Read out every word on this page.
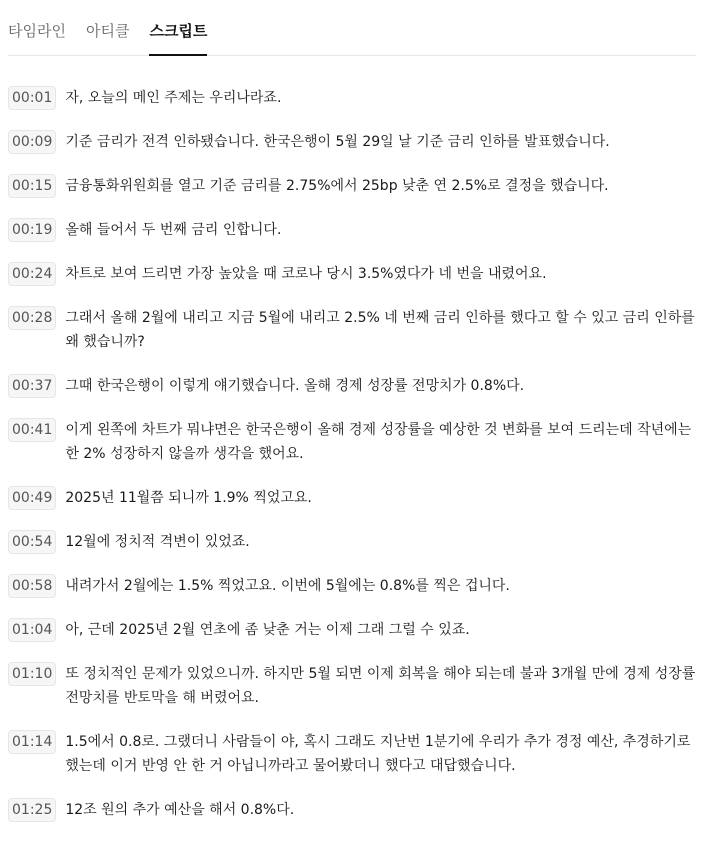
타임라인 아티클 스크립트
00:01 자, 오늘의 메인 주제는 우리나라죠.
00:09 기준 금리가 전격 인하됐습니다. 한국은행이 5월 29일 날 기준 금리 인하를 발표했습니다.
00:15 금융통화위원회를 열고 기준 금리를 2.75%에서 25bp 낮춘 연 2.5%로 결정을 했습니다.
00:19 올해 들어서 두 번째 금리 인합니다.
00:24 차트로 보여 드리면 가장 높았을 때 코로나 당시 3.5%였다가 네 번을 내렸어요.
00:28 그래서 올해 2월에 내리고 지금 5월에 내리고 2.5% 네 번째 금리 인하를 했다고 할 수 있고 금리 인하를 왜 했습니까?
00:37 그때 한국은행이 이렇게 얘기했습니다. 올해 경제 성장률 전망치가 0.8%다.
00:41 이게 왼쪽에 차트가 뭐냐면은 한국은행이 올해 경제 성장률을 예상한 것 변화를 보여 드리는데 작년에는 한 2% 성장하지 않을까 생각을 했어요.
00:49 2025년 11월쯤 되니까 1.9% 찍었고요.
00:54 12월에 정치적 격변이 있었죠.
00:58 내려가서 2월에는 1.5% 찍었고요. 이번에 5월에는 0.8%를 찍은 겁니다.
01:04 아, 근데 2025년 2월 연초에 좀 낮춘 거는 이제 그래 그럴 수 있죠.
01:10 또 정치적인 문제가 있었으니까. 하지만 5월 되면 이제 회복을 해야 되는데 불과 3개월 만에 경제 성장률 전망치를 반토막을 해 버렸어요.
01:14 1.5에서 0.8로. 그랬더니 사람들이 야, 혹시 그래도 지난번 1분기에 우리가 추가 경정 예산, 추경하기로 했는데 이거 반영 안 한 거 아닙니까라고 물어봤더니 했다고 대답했습니다.
01:25 12조 원의 추가 예산을 해서 0.8%다.
